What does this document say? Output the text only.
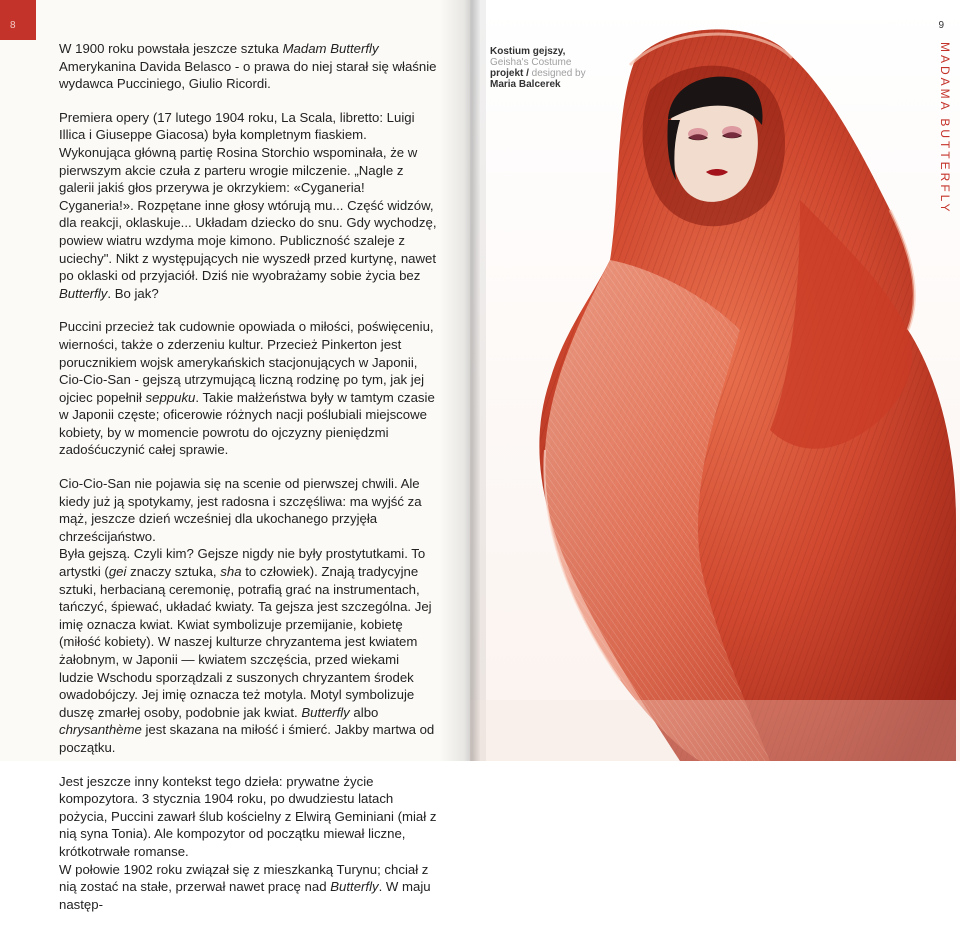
8

W 1900 roku powstała jeszcze sztuka Madam Butterfly Amerykanina Davida Belasco - o prawa do niej starał się właśnie wydawca Pucciniego, Giulio Ricordi.

Premiera opery (17 lutego 1904 roku, La Scala, libretto: Luigi Illica i Giuseppe Giacosa) była kompletnym fiaskiem. Wykonująca główną partię Rosina Storchio wspominała, że w pierwszym akcie czuła z parteru wrogie milczenie. „Nagle z galerii jakiś głos przerywa je okrzykiem: «Cyganeria! Cyganeria!». Rozpętane inne głosy wtórują mu... Część widzów, dla reakcji, oklaskuje... Układam dziecko do snu. Gdy wychodzę, powiew wiatru wzdyma moje kimono. Publiczność szaleje z uciechy". Nikt z występujących nie wyszedł przed kurtynę, nawet po oklaski od przyjaciół. Dziś nie wyobrażamy sobie życia bez Butterfly. Bo jak?

Puccini przecież tak cudownie opowiada o miłości, poświęceniu, wierności, także o zderzeniu kultur. Przecież Pinkerton jest porucznikiem wojsk amerykańskich stacjonujących w Japonii, Cio-Cio-San - gejszą utrzymującą liczną rodzinę po tym, jak jej ojciec popełnił seppuku. Takie małżeństwa były w tamtym czasie w Japonii częste; oficerowie różnych nacji poślubiali miejscowe kobiety, by w momencie powrotu do ojczyzny pieniędzmi zadośćuczynić całej sprawie.

Cio-Cio-San nie pojawia się na scenie od pierwszej chwili. Ale kiedy już ją spotykamy, jest radosna i szczęśliwa: ma wyjść za mąż, jeszcze dzień wcześniej dla ukochanego przyjęła chrześcijaństwo.

Była gejszą. Czyli kim? Gejsze nigdy nie były prostytutkami. To artystki (gei znaczy sztuka, sha to człowiek). Znają tradycyjne sztuki, herbacianą ceremonię, potrafią grać na instrumentach, tańczyć, śpiewać, układać kwiaty. Ta gejsza jest szczególna. Jej imię oznacza kwiat. Kwiat symbolizuje przemijanie, kobietę (miłość kobiety). W naszej kulturze chryzantema jest kwiatem żałobnym, w Japonii — kwiatem szczęścia, przed wiekami ludzie Wschodu sporządzali z suszonych chryzantem środek owadobójczy. Jej imię oznacza też motyla. Motyl symbolizuje duszę zmarłej osoby, podobnie jak kwiat. Butterfly albo chrysanthème jest skazana na miłość i śmierć. Jakby martwa od początku.

Jest jeszcze inny kontekst tego dzieła: prywatne życie kompozytora. 3 stycznia 1904 roku, po dwudziestu latach pożycia, Puccini zawarł ślub kościelny z Elwirą Geminiani (miał z nią syna Tonia). Ale kompozytor od początku miewał liczne, krótkotrwałe romanse.

W połowie 1902 roku związał się z mieszkanką Turynu; chciał z nią zostać na stałe, przerwał nawet pracę nad Butterfly. W maju następ-

Kostium gejszy,
Geisha's Costume
projekt / designed by
Maria Balcerek
9
MADAMA BUTTERFLY
